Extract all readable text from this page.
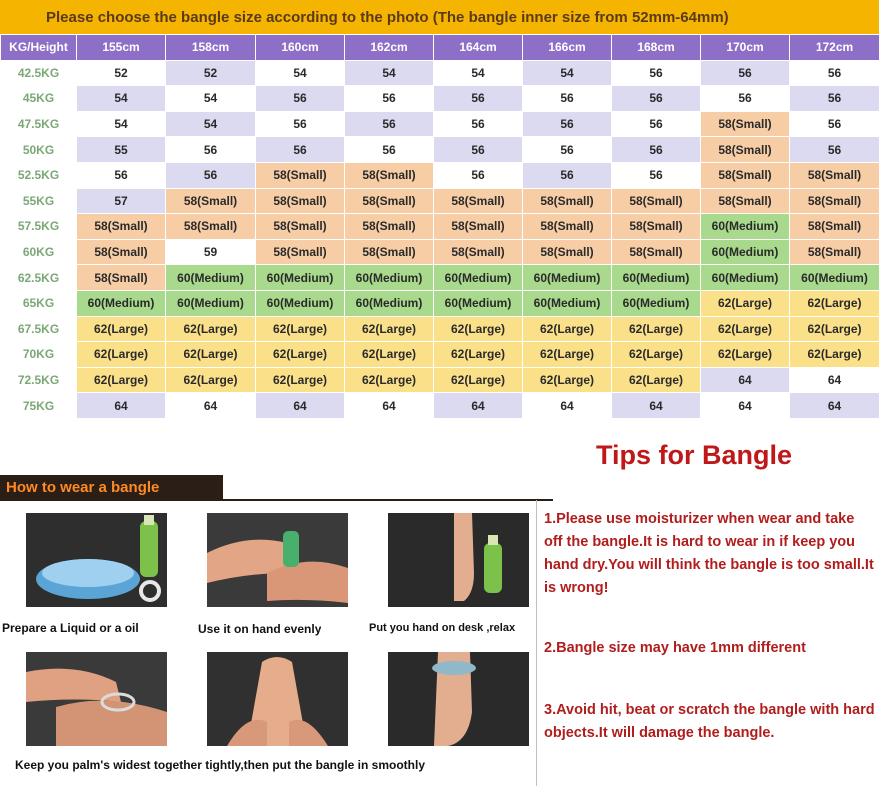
Please choose the bangle size according to the photo (The bangle inner size from 52mm-64mm)
KG/Height	155cm	158cm	160cm	162cm	164cm	166cm	168cm	170cm	172cm
42.5KG	52	52	54	54	54	54	56	56	56
45KG	54	54	56	56	56	56	56	56	56
47.5KG	54	54	56	56	56	56	56	58(Small)	56
50KG	55	56	56	56	56	56	56	58(Small)	56
52.5KG	56	56	58(Small)	58(Small)	56	56	56	58(Small)	58(Small)
55KG	57	58(Small)	58(Small)	58(Small)	58(Small)	58(Small)	58(Small)	58(Small)	58(Small)
57.5KG	58(Small)	58(Small)	58(Small)	58(Small)	58(Small)	58(Small)	58(Small)	60(Medium)	58(Small)
60KG	58(Small)	59	58(Small)	58(Small)	58(Small)	58(Small)	58(Small)	60(Medium)	58(Small)
62.5KG	58(Small)	60(Medium)	60(Medium)	60(Medium)	60(Medium)	60(Medium)	60(Medium)	60(Medium)	60(Medium)
65KG	60(Medium)	60(Medium)	60(Medium)	60(Medium)	60(Medium)	60(Medium)	60(Medium)	62(Large)	62(Large)
67.5KG	62(Large)	62(Large)	62(Large)	62(Large)	62(Large)	62(Large)	62(Large)	62(Large)	62(Large)
70KG	62(Large)	62(Large)	62(Large)	62(Large)	62(Large)	62(Large)	62(Large)	62(Large)	62(Large)
72.5KG	62(Large)	62(Large)	62(Large)	62(Large)	62(Large)	62(Large)	62(Large)	64	64
75KG	64	64	64	64	64	64	64	64	64
Tips for Bangle
How to wear a bangle
Prepare a Liquid or a oil	Use it on hand evenly	Put you hand on desk ,relax
Keep you palm's widest together tightly,then put the bangle in smoothly
1.Please use moisturizer when wear and take off the bangle.It is hard to wear in if keep you hand dry.You will think the bangle is too small.It is wrong!
2.Bangle size may have 1mm different
3.Avoid hit, beat or scratch the bangle with hard objects.It will damage the bangle.
